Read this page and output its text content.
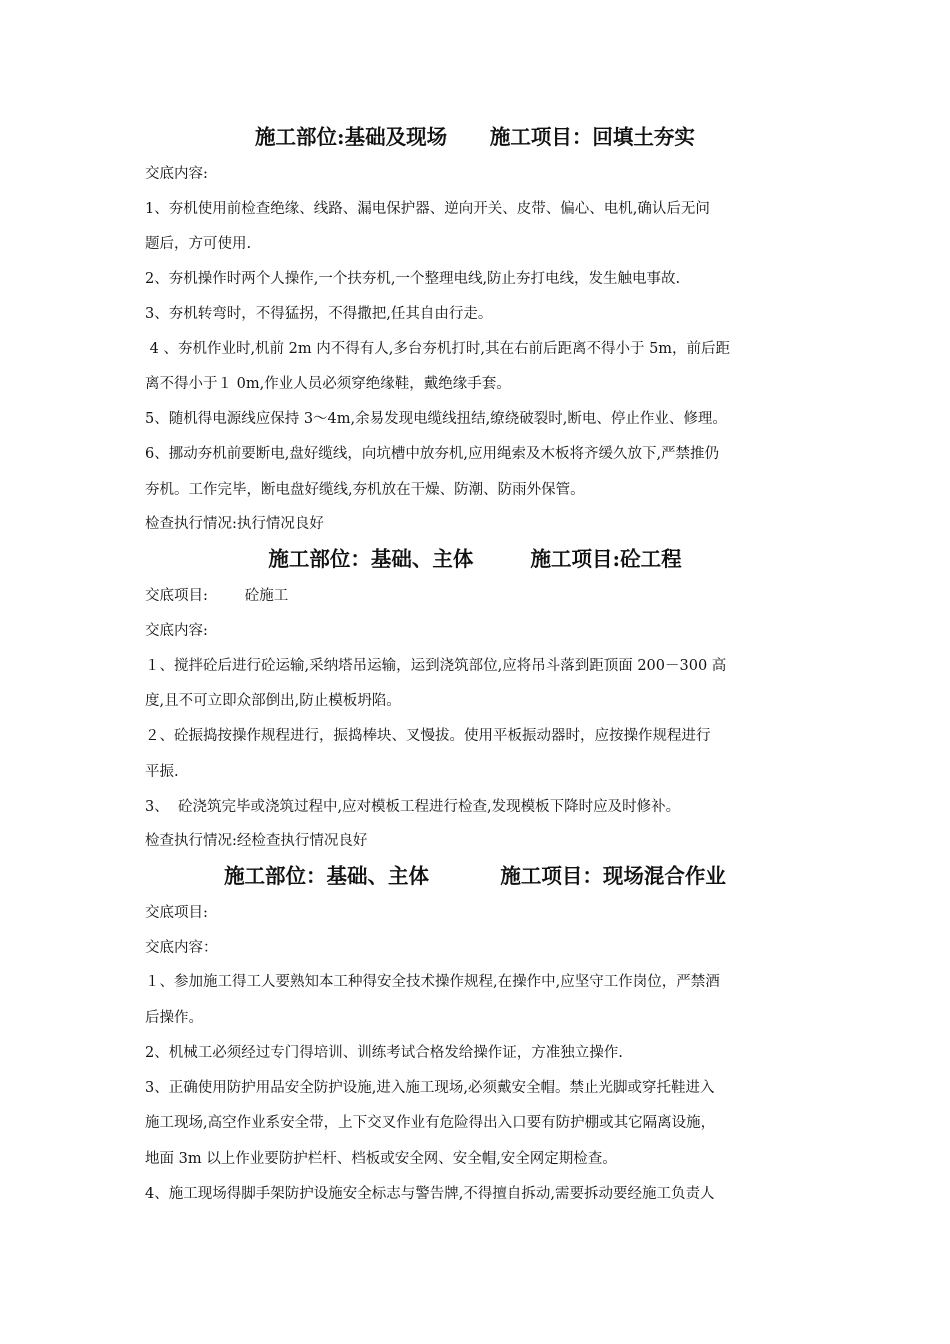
施工部位:基础及现场      施工项目：回填土夯实
交底内容:
1、夯机使用前检查绝缘、线路、漏电保护器、逆向开关、皮带、偏心、电机,确认后无问
题后，方可使用.
2、夯机操作时两个人操作,一个扶夯机,一个整理电线,防止夯打电线，发生触电事故.
3、夯机转弯时，不得猛拐，不得撒把,任其自由行走。
4 、夯机作业时,机前 2m 内不得有人,多台夯机打时,其在右前后距离不得小于 5m，前后距
离不得小于１ 0m,作业人员必须穿绝缘鞋，戴绝缘手套。
5、随机得电源线应保持 3～4m,余易发现电缆线扭结,缭绕破裂时,断电、停止作业、修理。
6、挪动夯机前要断电,盘好缆线，向坑槽中放夯机,应用绳索及木板将齐缓久放下,严禁推仍
夯机。工作完毕，断电盘好缆线,夯机放在干燥、防潮、防雨外保管。
检查执行情况:执行情况良好
施工部位：基础、主体        施工项目:砼工程
交底项目:        砼施工
交底内容:
１、搅拌砼后进行砼运输,采纳塔吊运输，运到浇筑部位,应将吊斗落到距顶面 200－300 高
度,且不可立即众部倒出,防止模板坍陷。
２、砼振捣按操作规程进行，振捣棒块、叉慢拔。使用平板振动器时，应按操作规程进行
平振.
3、  砼浇筑完毕或浇筑过程中,应对模板工程进行检查,发现模板下降时应及时修补。
检查执行情况:经检查执行情况良好
施工部位：基础、主体          施工项目：现场混合作业
交底项目:
交底内容：
１、参加施工得工人要熟知本工种得安全技术操作规程,在操作中,应坚守工作岗位，严禁酒
后操作。
2、机械工必须经过专门得培训、训练考试合格发给操作证，方准独立操作.
3、正确使用防护用品安全防护设施,进入施工现场,必须戴安全帽。禁止光脚或穿托鞋进入
施工现场,高空作业系安全带，上下交叉作业有危险得出入口要有防护棚或其它隔离设施，
地面 3m 以上作业要防护栏杆、档板或安全网、安全帽,安全网定期检查。
4、施工现场得脚手架防护设施安全标志与警告牌,不得擅自拆动,需要拆动要经施工负责人
